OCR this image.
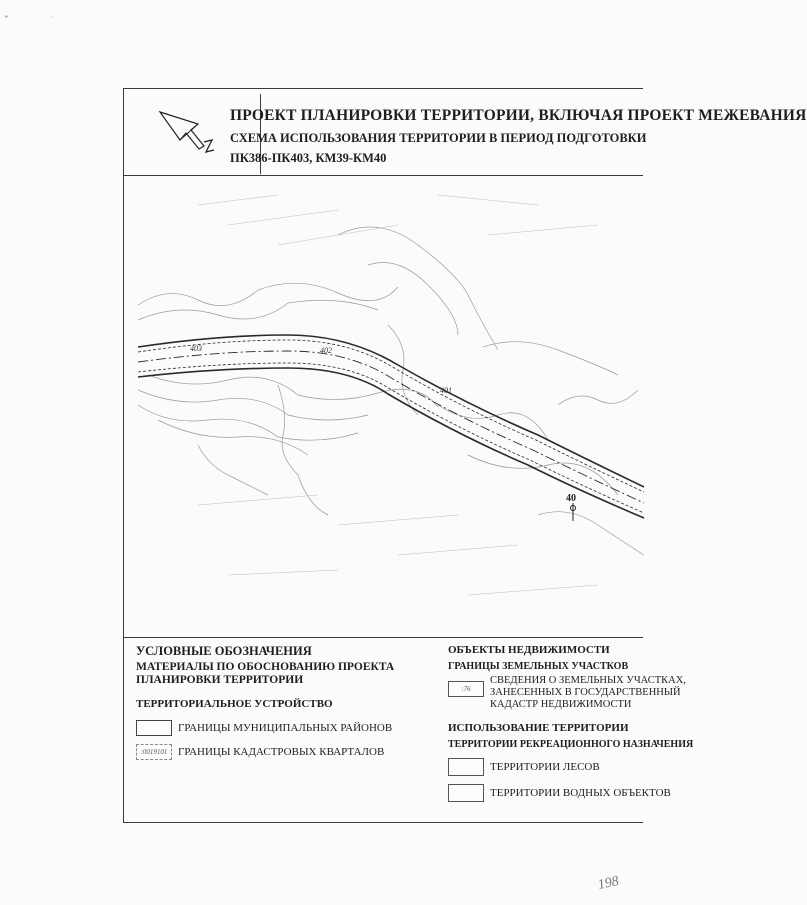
▪	·
ПРОЕКТ ПЛАНИРОВКИ ТЕРРИТОРИИ, ВКЛЮЧАЯ ПРОЕКТ МЕЖЕВАНИЯ
СХЕМА ИСПОЛЬЗОВАНИЯ ТЕРРИТОРИИ В ПЕРИОД ПОДГОТОВКИ
ПК386-ПК403, КМ39-КМ40
403	402
401
40
УСЛОВНЫЕ ОБОЗНАЧЕНИЯ
МАТЕРИАЛЫ ПО ОБОСНОВАНИЮ ПРОЕКТА
ПЛАНИРОВКИ ТЕРРИТОРИИ
ТЕРРИТОРИАЛЬНОЕ УСТРОЙСТВО
ГРАНИЦЫ МУНИЦИПАЛЬНЫХ РАЙОНОВ
:0019101 ГРАНИЦЫ КАДАСТРОВЫХ КВАРТАЛОВ
ОБЪЕКТЫ НЕДВИЖИМОСТИ
ГРАНИЦЫ ЗЕМЕЛЬНЫХ УЧАСТКОВ
:76
СВЕДЕНИЯ О ЗЕМЕЛЬНЫХ УЧАСТКАХ,
ЗАНЕСЕННЫХ В ГОСУДАРСТВЕННЫЙ
КАДАСТР НЕДВИЖИМОСТИ
ИСПОЛЬЗОВАНИЕ ТЕРРИТОРИИ
ТЕРРИТОРИИ РЕКРЕАЦИОННОГО НАЗНАЧЕНИЯ
ТЕРРИТОРИИ ЛЕСОВ
ТЕРРИТОРИИ ВОДНЫХ ОБЪЕКТОВ
198
